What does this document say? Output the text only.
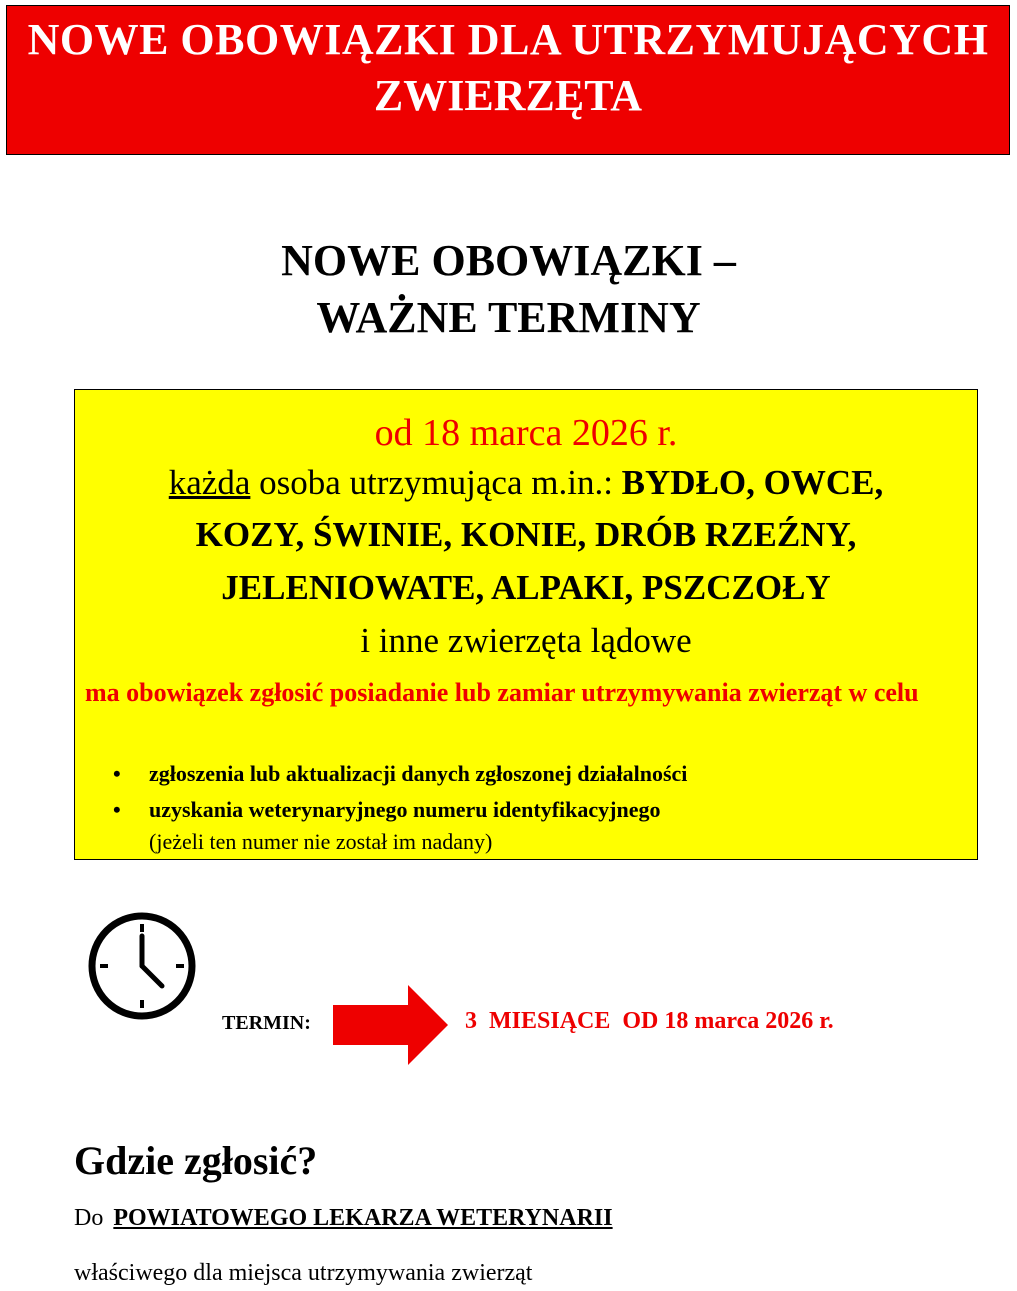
NOWE OBOWIĄZKI DLA UTRZYMUJĄCYCH
ZWIERZĘTA
NOWE OBOWIĄZKI –
WAŻNE TERMINY
od 18 marca 2026 r.
każda osoba utrzymująca m.in.: BYDŁO, OWCE,
KOZY, ŚWINIE, KONIE, DRÓB RZEŹNY,
JELENIOWATE, ALPAKI, PSZCZOŁY
i inne zwierzęta lądowe
ma obowiązek zgłosić posiadanie lub zamiar utrzymywania zwierząt w celu
• zgłoszenia lub aktualizacji danych zgłoszonej działalności
• uzyskania weterynaryjnego numeru identyfikacyjnego
(jeżeli ten numer nie został im nadany)
TERMIN:	3  MIESIĄCE  OD 18 marca 2026 r.
Gdzie zgłosić?
Do POWIATOWEGO LEKARZA WETERYNARII
właściwego dla miejsca utrzymywania zwierząt
